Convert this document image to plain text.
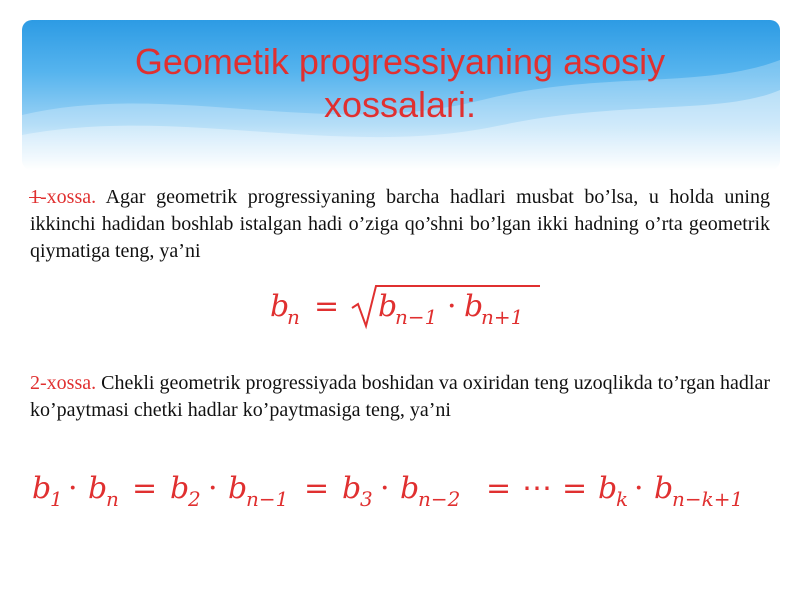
Geometik progressiyaning asosiy
xossalari:
1-xossa. Agar geometrik progressiyaning barcha hadlari musbat bo’lsa, u holda uning ikkinchi hadidan boshlab istalgan hadi o’ziga qo’shni bo’lgan ikki hadning o’rta geometrik qiymatiga teng, ya’ni
b
n = b
n−1 · b
n+1
2-xossa. Chekli geometrik progressiyada boshidan va oxiridan teng uzoqlikda to’rgan hadlar ko’paytmasi chetki hadlar ko’paytmasiga teng, ya’ni
b
1 · b
n = b
2 · b
n−1 = b
3 · b
n−2 = ⋯ = b
k · b
n−k+1
